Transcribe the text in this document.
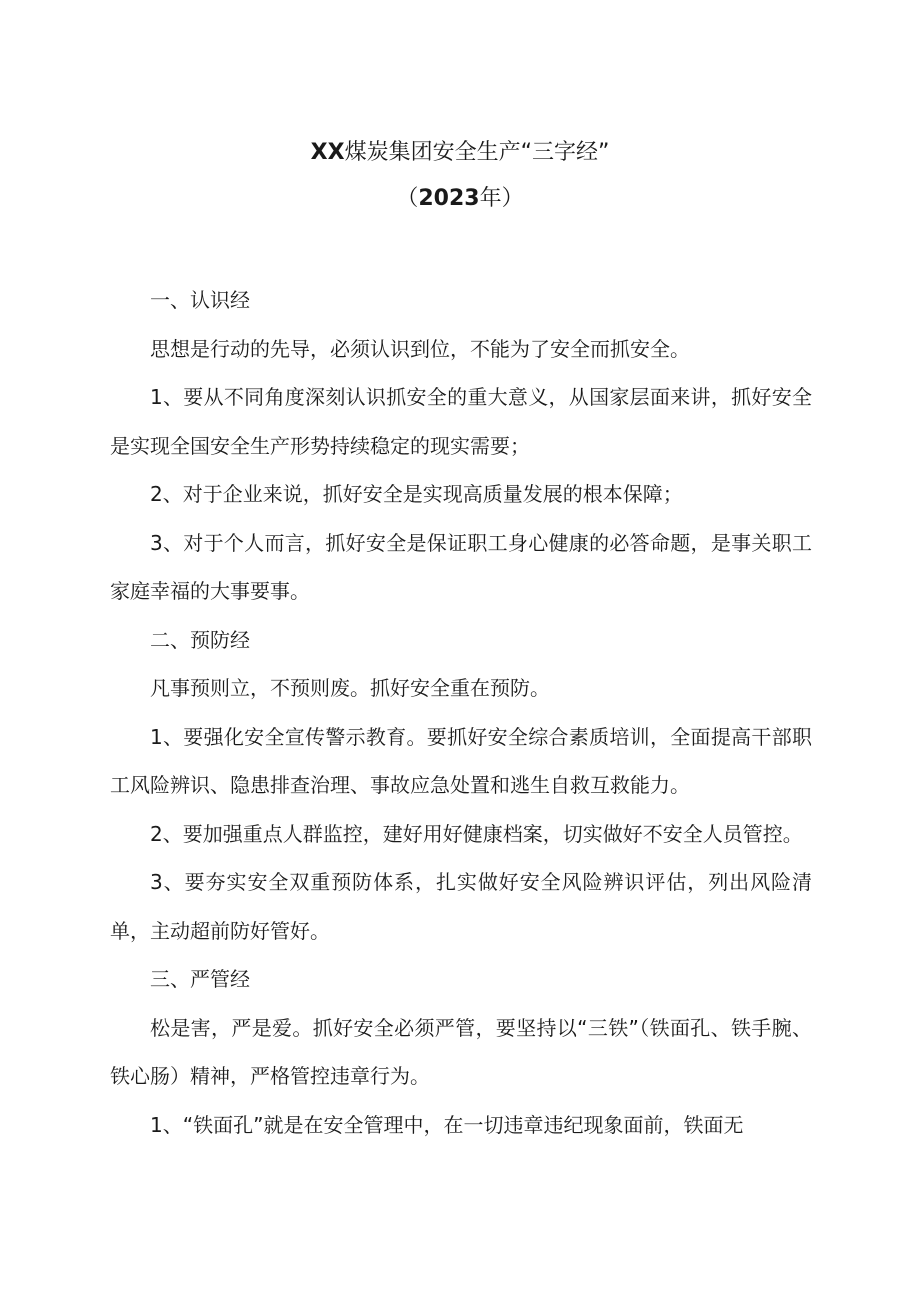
XX煤炭集团安全生产“三字经”
（2023年）

一、认识经

思想是行动的先导，必须认识到位，不能为了安全而抓安全。

1、要从不同角度深刻认识抓安全的重大意义，从国家层面来讲，抓好安全是实现全国安全生产形势持续稳定的现实需要；

2、对于企业来说，抓好安全是实现高质量发展的根本保障；

3、对于个人而言，抓好安全是保证职工身心健康的必答命题，是事关职工家庭幸福的大事要事。

二、预防经

凡事预则立，不预则废。抓好安全重在预防。

1、要强化安全宣传警示教育。要抓好安全综合素质培训，全面提高干部职工风险辨识、隐患排查治理、事故应急处置和逃生自救互救能力。

2、要加强重点人群监控，建好用好健康档案，切实做好不安全人员管控。

3、要夯实安全双重预防体系，扎实做好安全风险辨识评估，列出风险清单，主动超前防好管好。

三、严管经

松是害，严是爱。抓好安全必须严管，要坚持以“三铁”（铁面孔、铁手腕、铁心肠）精神，严格管控违章行为。

1、“铁面孔”就是在安全管理中，在一切违章违纪现象面前，铁面无
